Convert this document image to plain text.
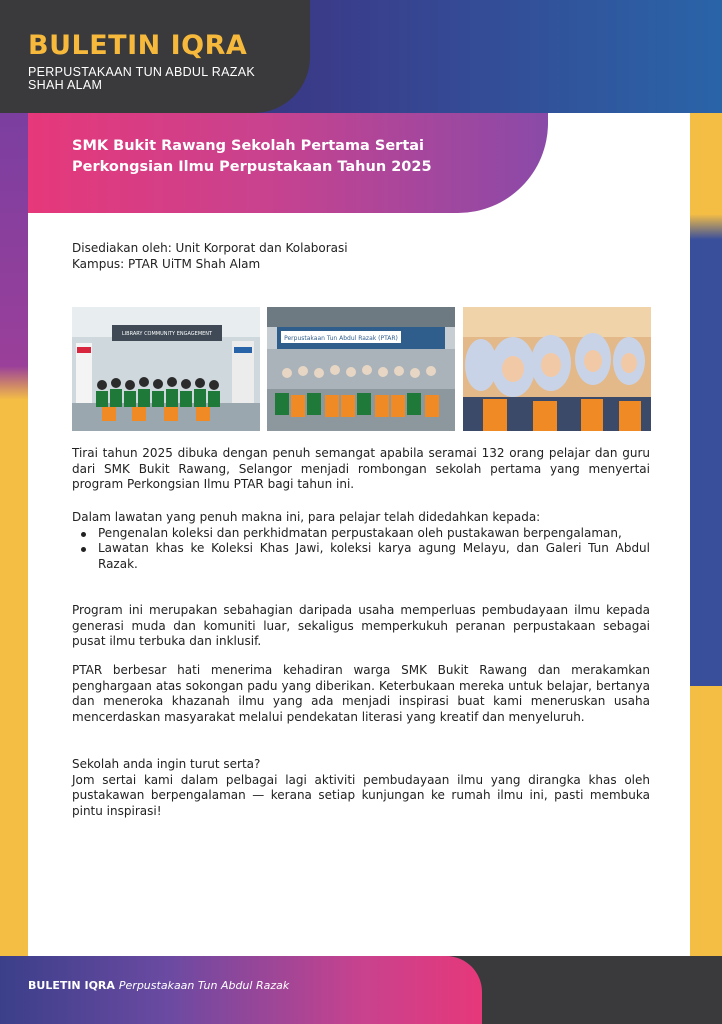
BULETIN IQRA
PERPUSTAKAAN TUN ABDUL RAZAK
SHAH ALAM
SMK Bukit Rawang Sekolah Pertama Sertai
Perkongsian Ilmu Perpustakaan Tahun 2025
Disediakan oleh: Unit Korporat dan Kolaborasi
Kampus: PTAR UiTM Shah Alam
LIBRARY COMMUNITY ENGAGEMENT
Perpustakaan Tun Abdul Razak (PTAR)

Tirai tahun 2025 dibuka dengan penuh semangat apabila seramai 132 orang pelajar dan guru dari SMK Bukit Rawang, Selangor menjadi rombongan sekolah pertama yang menyertai program Perkongsian Ilmu PTAR bagi tahun ini.

Dalam lawatan yang penuh makna ini, para pelajar telah didedahkan kepada:

Pengenalan koleksi dan perkhidmatan perpustakaan oleh pustakawan berpengalaman,
Lawatan khas ke Koleksi Khas Jawi, koleksi karya agung Melayu, dan Galeri Tun Abdul Razak.

Program ini merupakan sebahagian daripada usaha memperluas pembudayaan ilmu kepada generasi muda dan komuniti luar, sekaligus memperkukuh peranan perpustakaan sebagai pusat ilmu terbuka dan inklusif.

PTAR berbesar hati menerima kehadiran warga SMK Bukit Rawang dan merakamkan penghargaan atas sokongan padu yang diberikan. Keterbukaan mereka untuk belajar, bertanya dan meneroka khazanah ilmu yang ada menjadi inspirasi buat kami meneruskan usaha mencerdaskan masyarakat melalui pendekatan literasi yang kreatif dan menyeluruh.

Sekolah anda ingin turut serta?

Jom sertai kami dalam pelbagai lagi aktiviti pembudayaan ilmu yang dirangka khas oleh pustakawan berpengalaman — kerana setiap kunjungan ke rumah ilmu ini, pasti membuka pintu inspirasi!

BULETIN IQRA Perpustakaan Tun Abdul Razak
